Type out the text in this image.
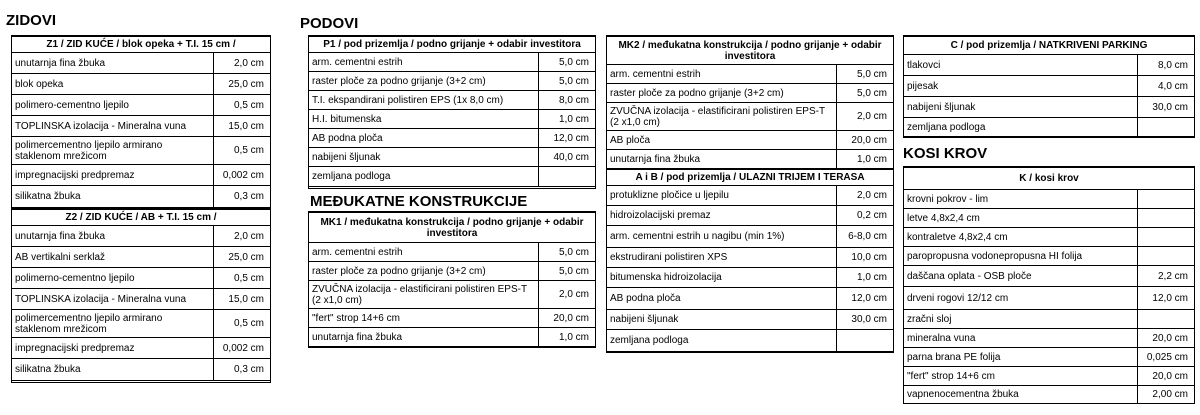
ZIDOVI	PODOVI
KOSI KROV
Z1 / ZID KUĆE / blok opeka + T.I. 15 cm /	
unutarnja fina žbuka	2,0 cm
blok opeka	25,0 cm
polimero-cementno ljepilo	0,5 cm
TOPLINSKA izolacija - Mineralna vuna	15,0 cm
polimercementno ljepilo armirano staklenom mrežicom	0,5 cm
impregnacijski predpremaz	0,002 cm
silikatna žbuka	0,3 cm
Z2 / ZID KUĆE / AB + T.I. 15 cm /	
unutarnja fina žbuka	2,0 cm
AB vertikalni serklaž	25,0 cm
polimerno-cementno ljepilo	0,5 cm
TOPLINSKA izolacija - Mineralna vuna	15,0 cm
polimercementno ljepilo armirano staklenom mrežicom	0,5 cm
impregnacijski predpremaz	0,002 cm
silikatna žbuka	0,3 cm
P1 / pod prizemlja / podno grijanje + odabir investitora	
arm. cementni estrih	5,0 cm
raster ploče za podno grijanje (3+2 cm)	5,0 cm
T.I. ekspandirani polistiren EPS (1x 8,0 cm)	8,0 cm
H.I. bitumenska	1,0 cm
AB podna ploča	12,0 cm
nabijeni šljunak	40,0 cm
zemljana podloga	
MEĐUKATNE KONSTRUKCIJE
MK1 / međukatna konstrukcija / podno grijanje + odabir investitora	
arm. cementni estrih	5,0 cm
raster ploče za podno grijanje (3+2 cm)	5,0 cm
ZVUČNA izolacija - elastificirani polistiren EPS-T (2 x1,0 cm)	2,0 cm
"fert" strop 14+6 cm	20,0 cm
unutarnja fina žbuka	1,0 cm
MK2 / međukatna konstrukcija / podno grijanje + odabir investitora	
arm. cementni estrih	5,0 cm
raster ploče za podno grijanje (3+2 cm)	5,0 cm
ZVUČNA izolacija - elastificirani polistiren EPS-T (2 x1,0 cm)	2,0 cm
AB ploča	20,0 cm
unutarnja fina žbuka	1,0 cm
A i B / pod prizemlja / ULAZNI TRIJEM I TERASA	
protuklizne pločice u ljepilu	2,0 cm
hidroizolacijski premaz	0,2 cm
arm. cementni estrih u nagibu (min 1%)	6-8,0 cm
ekstrudirani polistiren XPS	10,0 cm
bitumenska hidroizolacija	1,0 cm
AB podna ploča	12,0 cm
nabijeni šljunak	30,0 cm
zemljana podloga	
C / pod prizemlja / NATKRIVENI PARKING	
tlakovci	8,0 cm
pijesak	4,0 cm
nabijeni šljunak	30,0 cm
zemljana podloga	
K / kosi krov	
krovni pokrov - lim	
letve 4,8x2,4 cm	
kontraletve 4,8x2,4 cm	
paropropusna vodonepropusna HI folija	
daščana oplata - OSB ploče	2,2 cm
drveni rogovi 12/12 cm	12,0 cm
zračni sloj	
mineralna vuna	20,0 cm
parna brana PE folija	0,025 cm
"fert" strop 14+6 cm	20,0 cm
vapnenocementna žbuka	2,00 cm
